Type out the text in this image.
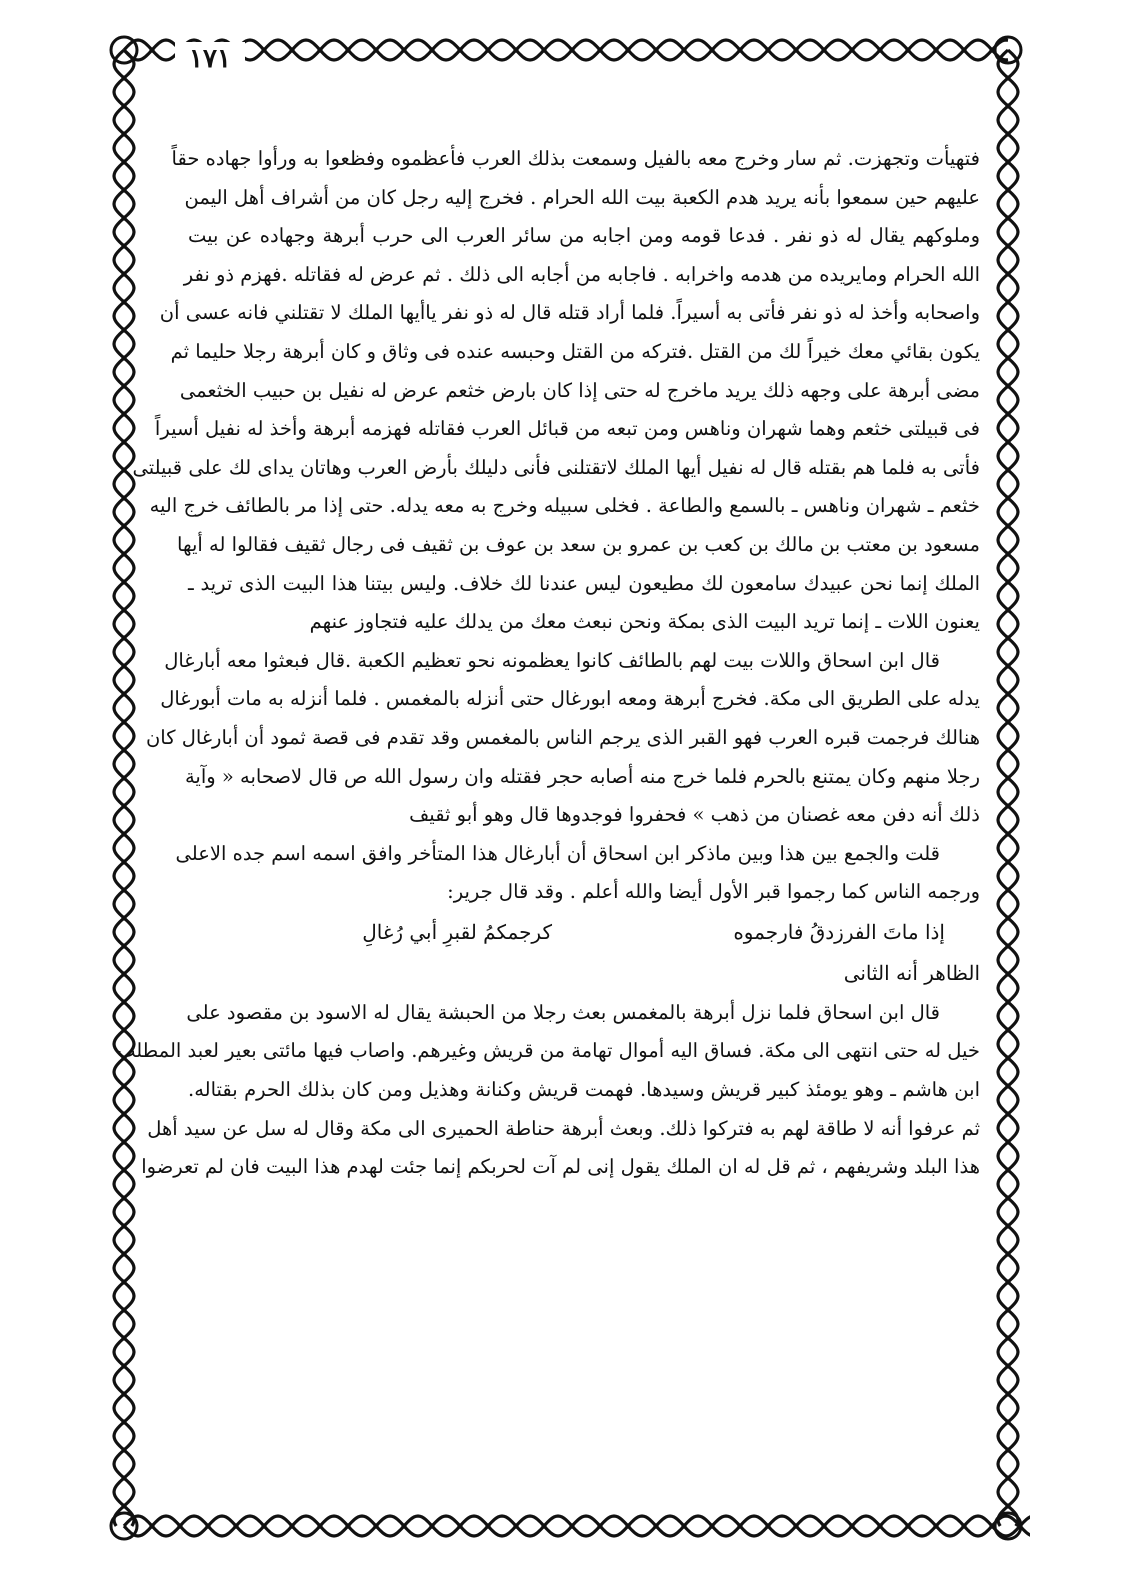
١٧١
فتهيأت وتجهزت. ثم سار وخرج معه بالفيل وسمعت بذلك العرب فأعظموه وفظعوا به ورأوا جهاده حقاً
عليهم حين سمعوا بأنه يريد هدم الكعبة بيت الله الحرام . فخرج إليه رجل كان من أشراف أهل اليمن
وملوكهم يقال له ذو نفر . فدعا قومه ومن اجابه من سائر العرب الى حرب أبرهة وجهاده عن بيت
الله الحرام ومايريده من هدمه واخرابه . فاجابه من أجابه الى ذلك . ثم عرض له فقاتله .فهزم ذو نفر
واصحابه وأخذ له ذو نفر فأتى به أسيراً. فلما أراد قتله قال له ذو نفر ياأيها الملك لا تقتلني فانه عسى أن
يكون بقائي معك خيراً لك من القتل .فتركه من القتل وحبسه عنده فى وثاق و كان أبرهة رجلا حليما ثم
مضى أبرهة على وجهه ذلك يريد ماخرج له حتى إذا كان بارض خثعم عرض له نفيل بن حبيب الخثعمى
فى قبيلتى خثعم وهما شهران وناهس ومن تبعه من قبائل العرب فقاتله فهزمه أبرهة وأخذ له نفيل أسيراً
فأتى به فلما هم بقتله قال له نفيل أيها الملك لاتقتلنى فأنى دليلك بأرض العرب وهاتان يداى لك على قبيلتى
خثعم ـ شهران وناهس ـ بالسمع والطاعة . فخلى سبيله وخرج به معه يدله. حتى إذا مر بالطائف خرج اليه
مسعود بن معتب بن مالك بن كعب بن عمرو بن سعد بن عوف بن ثقيف فى رجال ثقيف فقالوا له أيها
الملك إنما نحن عبيدك سامعون لك مطيعون ليس عندنا لك خلاف. وليس بيتنا هذا البيت الذى تريد ـ
يعنون اللات ـ إنما تريد البيت الذى بمكة ونحن نبعث معك من يدلك عليه فتجاوز عنهم
قال ابن اسحاق واللات بيت لهم بالطائف كانوا يعظمونه نحو تعظيم الكعبة .قال فبعثوا معه أبارغال
يدله على الطريق الى مكة. فخرج أبرهة ومعه ابورغال حتى أنزله بالمغمس . فلما أنزله به مات أبورغال
هنالك فرجمت قبره العرب فهو القبر الذى يرجم الناس بالمغمس وقد تقدم فى قصة ثمود أن أبارغال كان
رجلا منهم وكان يمتنع بالحرم فلما خرج منه أصابه حجر فقتله وان رسول الله ص قال لاصحابه « وآية
ذلك أنه دفن معه غصنان من ذهب » فحفروا فوجدوها قال وهو أبو ثقيف
قلت والجمع بين هذا وبين ماذكر ابن اسحاق أن أبارغال هذا المتأخر وافق اسمه اسم جده الاعلى
ورجمه الناس كما رجموا قبر الأول أيضا والله أعلم . وقد قال جرير:
إذا ماتَ الفرزدقُ فارجموه
كرجمكمُ لقبرِ أبي رُغالِ
الظاهر أنه الثانى
قال ابن اسحاق فلما نزل أبرهة بالمغمس بعث رجلا من الحبشة يقال له الاسود بن مقصود على
خيل له حتى انتهى الى مكة. فساق اليه أموال تهامة من قريش وغيرهم. واصاب فيها مائتى بعير لعبد المطلب
ابن هاشم ـ وهو يومئذ كبير قريش وسيدها. فهمت قريش وكنانة وهذيل ومن كان بذلك الحرم بقتاله.
ثم عرفوا أنه لا طاقة لهم به فتركوا ذلك. وبعث أبرهة حناطة الحميرى الى مكة وقال له سل عن سيد أهل
هذا البلد وشريفهم ، ثم قل له ان الملك يقول إنى لم آت لحربكم إنما جئت لهدم هذا البيت فان لم تعرضوا
